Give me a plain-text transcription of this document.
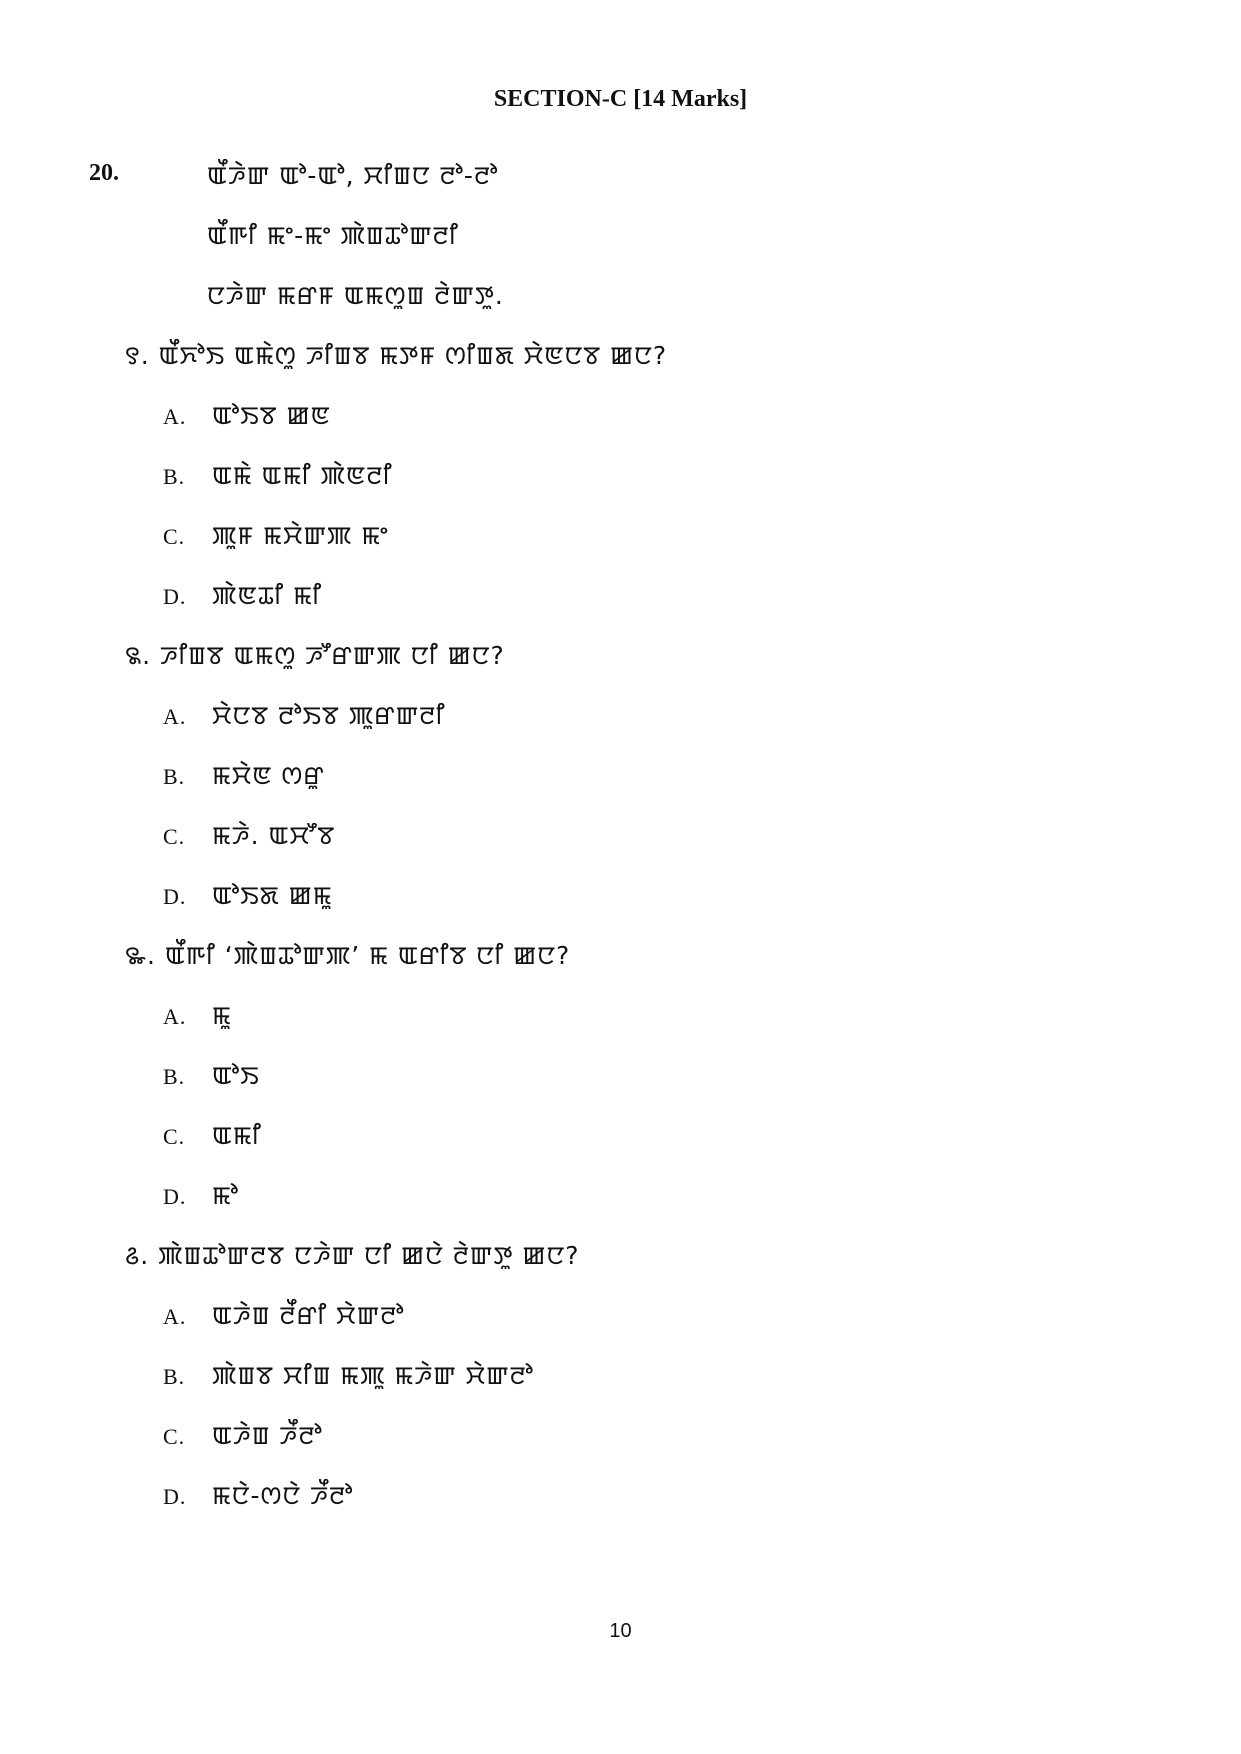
SECTION-C [14 Marks]
20.	ꯑꯩꯍꯥꯛ ꯑꯣ-ꯑꯣ, ꯆꯤꯡꯅ ꯂꯣ-ꯂꯣ
ꯑꯩꯒꯤ ꯃꯦ-ꯃꯦ ꯄꯥꯡꯊꯣꯛꯂꯤ
ꯅꯍꯥꯛ ꯃꯔꯝ ꯑꯃꯁꯨꯡ ꯂꯥꯛꯇꯨ.
꯱. ꯑꯩꯈꯣꯏ ꯑꯃꯥꯁꯨ ꯍꯤꯡꯕ ꯃꯇꯝ ꯁꯤꯡꯗ ꯆꯥꯟꯅꯕ ꯀꯅ?
A. ꯑꯣꯏꯕ ꯀꯟ
B. ꯑꯃꯥ ꯑꯃꯤ ꯄꯥꯟꯂꯤ
C. ꯄꯨꯝ ꯃꯆꯥꯛꯄ ꯃꯦ
D. ꯄꯥꯟꯊꯤ ꯃꯤ
꯲. ꯍꯤꯡꯕ ꯑꯃꯁꯨ ꯍꯧꯔꯛꯄ ꯅꯤ ꯀꯅ?
A. ꯆꯥꯅꯕ ꯂꯣꯏꯕ ꯄꯨꯔꯛꯂꯤ
B. ꯃꯆꯥꯟ ꯁꯔꯨ
C. ꯃꯍꯥ. ꯑꯆꯧꯕ
D. ꯑꯣꯏꯗ ꯀꯃꯨ
꯳. ꯑꯩꯒꯤ ‘ꯄꯥꯡꯊꯣꯛꯄ’ ꯃ ꯑꯔꯤꯕ ꯅꯤ ꯀꯅ?
A. ꯃꯨ
B. ꯑꯣꯏ
C. ꯑꯃꯤ
D. ꯃꯣ
꯴. ꯄꯥꯡꯊꯣꯛꯂꯕ ꯅꯍꯥꯛ ꯅꯤ ꯀꯅꯥ ꯂꯥꯛꯇꯨ ꯀꯅ?
A. ꯑꯍꯥꯡ ꯂꯩꯔꯤ ꯆꯥꯛꯂꯣ
B. ꯄꯥꯡꯕ ꯆꯤꯡ ꯃꯄꯨ ꯃꯍꯥꯛ ꯆꯥꯛꯂꯣ
C. ꯑꯍꯥꯡ ꯍꯩꯂꯣ
D. ꯃꯅꯥ-ꯁꯅꯥ ꯍꯩꯂꯣ
10
